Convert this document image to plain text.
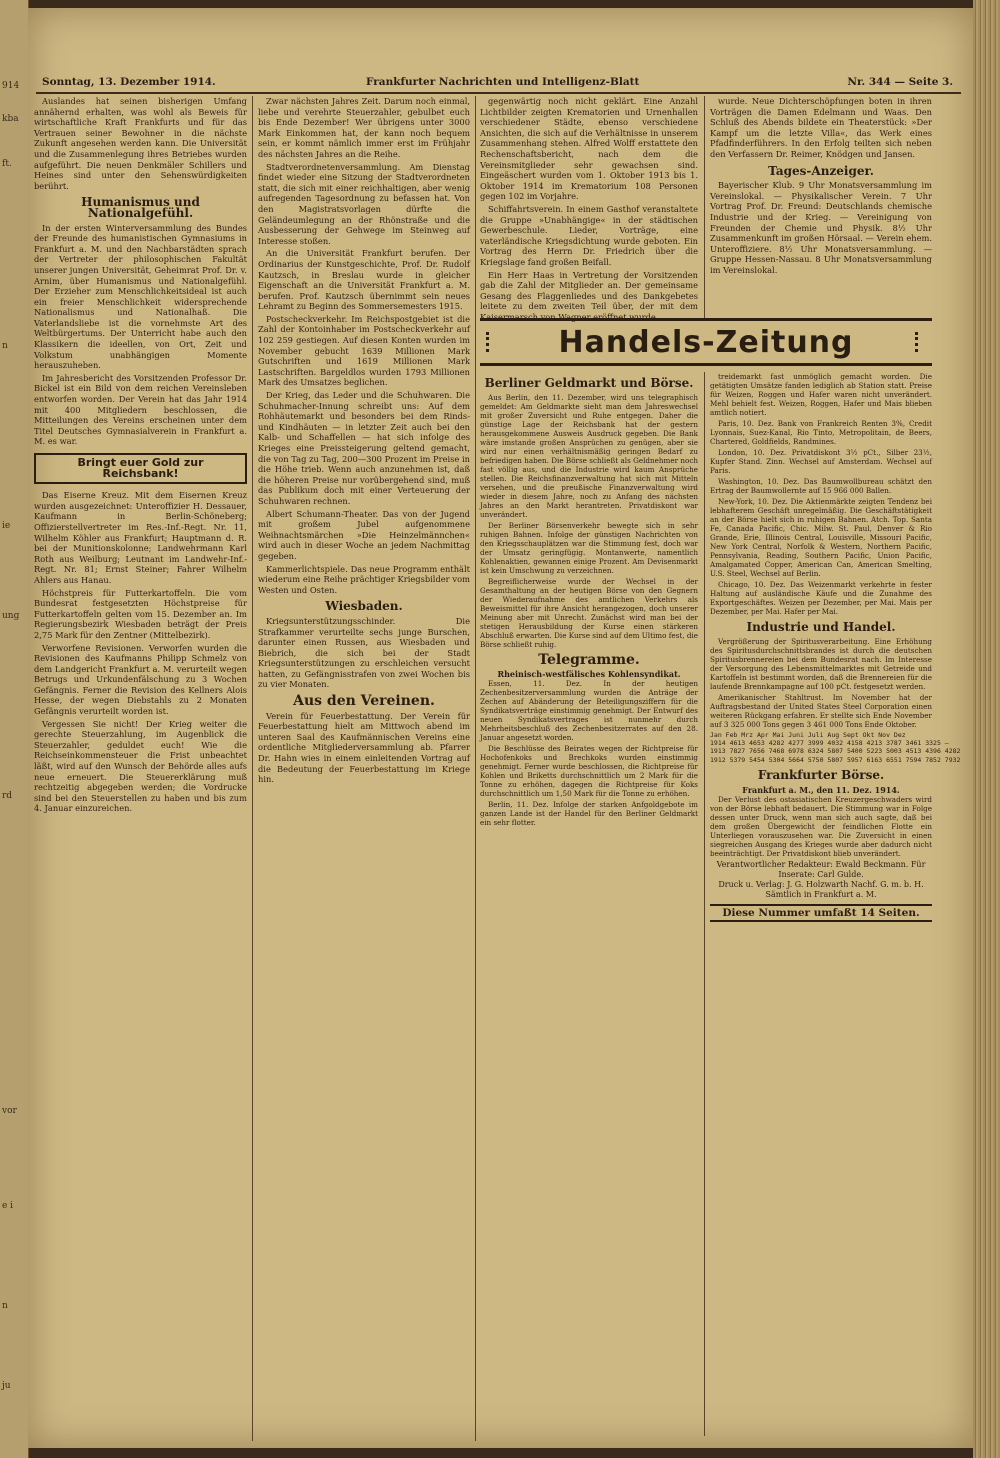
914
kba
ft.
n
ie
ung
rd
vor
e i
n
ju
Sonntag, 13. Dezember 1914.	Frankfurter Nachrichten und Intelligenz-Blatt	Nr. 344 — Seite 3.

Auslandes hat seinen bisherigen Umfang annähernd erhalten, was wohl als Beweis für wirtschaftliche Kraft Frankfurts und für das Vertrauen seiner Bewohner in die nächste Zukunft angesehen werden kann. Die Universität und die Zusammenlegung ihres Betriebes wurden aufgeführt. Die neuen Denkmäler Schillers und Heines sind unter den Sehenswürdigkeiten berührt.

Humanismus und Nationalgefühl.

In der ersten Winterversammlung des Bundes der Freunde des humanistischen Gymnasiums in Frankfurt a. M. und den Nachbarstädten sprach der Vertreter der philosophischen Fakultät unserer jungen Universität, Geheimrat Prof. Dr. v. Arnim, über Humanismus und Nationalgefühl. Der Erzieher zum Menschlichkeitsideal ist auch ein freier Menschlichkeit widersprechende Nationalismus und Nationalhaß. Die Vaterlandsliebe ist die vornehmste Art des Weltbürgertums. Der Unterricht habe auch den Klassikern die ideellen, von Ort, Zeit und Volkstum unabhängigen Momente herauszuheben.

Im Jahresbericht des Vorsitzenden Professor Dr. Bickel ist ein Bild von dem reichen Vereinsleben entworfen worden. Der Verein hat das Jahr 1914 mit 400 Mitgliedern beschlossen, die Mitteilungen des Vereins erscheinen unter dem Titel Deutsches Gymnasialverein in Frankfurt a. M. es war.

Bringt euer Gold zur Reichsbank!

Das Eiserne Kreuz. Mit dem Eisernen Kreuz wurden ausgezeichnet: Unteroffizier H. Dessauer, Kaufmann in Berlin-Schöneberg; Offizierstellvertreter im Res.-Inf.-Regt. Nr. 11, Wilhelm Köhler aus Frankfurt; Hauptmann d. R. bei der Munitionskolonne; Landwehrmann Karl Roth aus Weilburg; Leutnant im Landwehr-Inf.-Regt. Nr. 81; Ernst Steiner; Fahrer Wilhelm Ahlers aus Hanau.

Höchstpreis für Futterkartoffeln. Die vom Bundesrat festgesetzten Höchstpreise für Futterkartoffeln gelten vom 15. Dezember an. Im Regierungsbezirk Wiesbaden beträgt der Preis 2,75 Mark für den Zentner (Mittelbezirk).

Verworfene Revisionen. Verworfen wurden die Revisionen des Kaufmanns Philipp Schmelz von dem Landgericht Frankfurt a. M. verurteilt wegen Betrugs und Urkundenfälschung zu 3 Wochen Gefängnis. Ferner die Revision des Kellners Alois Hesse, der wegen Diebstahls zu 2 Monaten Gefängnis verurteilt worden ist.

Vergessen Sie nicht! Der Krieg weiter die gerechte Steuerzahlung, im Augenblick die Steuerzahler, geduldet euch! Wie die Reichseinkommensteuer die Frist unbeachtet läßt, wird auf den Wunsch der Behörde alles aufs neue erneuert. Die Steuererklärung muß rechtzeitig abgegeben werden; die Vordrucke sind bei den Steuerstellen zu haben und bis zum 4. Januar einzureichen.

Zwar nächsten Jahres Zeit. Darum noch einmal, liebe und verehrte Steuerzahler, gebulbet euch bis Ende Dezember! Wer übrigens unter 3000 Mark Einkommen hat, der kann noch bequem sein, er kommt nämlich immer erst im Frühjahr des nächsten Jahres an die Reihe.

Stadtverordnetenversammlung. Am Dienstag findet wieder eine Sitzung der Stadtverordneten statt, die sich mit einer reichhaltigen, aber wenig aufregenden Tagesordnung zu befassen hat. Von den Magistratsvorlagen dürfte die Geländeumlegung an der Rhönstraße und die Ausbesserung der Gehwege im Steinweg auf Interesse stoßen.

An die Universität Frankfurt berufen. Der Ordinarius der Kunstgeschichte, Prof. Dr. Rudolf Kautzsch, in Breslau wurde in gleicher Eigenschaft an die Universität Frankfurt a. M. berufen. Prof. Kautzsch übernimmt sein neues Lehramt zu Beginn des Sommersemesters 1915.

Postscheckverkehr. Im Reichspostgebiet ist die Zahl der Kontoinhaber im Postscheckverkehr auf 102 259 gestiegen. Auf diesen Konten wurden im November gebucht 1639 Millionen Mark Gutschriften und 1619 Millionen Mark Lastschriften. Bargeldlos wurden 1793 Millionen Mark des Umsatzes beglichen.

Der Krieg, das Leder und die Schuhwaren. Die Schuhmacher-Innung schreibt uns: Auf dem Rohhäutemarkt und besonders bei dem Rinds- und Kindhäuten — in letzter Zeit auch bei den Kalb- und Schaffellen — hat sich infolge des Krieges eine Preissteigerung geltend gemacht, die von Tag zu Tag, 200—300 Prozent im Preise in die Höhe trieb. Wenn auch anzunehmen ist, daß die höheren Preise nur vorübergehend sind, muß das Publikum doch mit einer Verteuerung der Schuhwaren rechnen.

Albert Schumann-Theater. Das von der Jugend mit großem Jubel aufgenommene Weihnachtsmärchen »Die Heinzelmännchen« wird auch in dieser Woche an jedem Nachmittag gegeben.

Kammerlichtspiele. Das neue Programm enthält wiederum eine Reihe prächtiger Kriegsbilder vom Westen und Osten.

Wiesbaden.

Kriegsunterstützungsschinder. Die Strafkammer verurteilte sechs junge Burschen, darunter einen Russen, aus Wiesbaden und Biebrich, die sich bei der Stadt Kriegsunterstützungen zu erschleichen versucht hatten, zu Gefängnisstrafen von zwei Wochen bis zu vier Monaten.

Aus den Vereinen.

Verein für Feuerbestattung. Der Verein für Feuerbestattung hielt am Mittwoch abend im unteren Saal des Kaufmännischen Vereins eine ordentliche Mitgliederversammlung ab. Pfarrer Dr. Hahn wies in einem einleitenden Vortrag auf die Bedeutung der Feuerbestattung im Kriege hin.

gegenwärtig noch nicht geklärt. Eine Anzahl Lichtbilder zeigten Krematorien und Urnenhallen verschiedener Städte, ebenso verschiedene Ansichten, die sich auf die Verhältnisse in unserem Zusammenhang stehen. Alfred Wolff erstattete den Rechenschaftsbericht, nach dem die Vereinsmitglieder sehr gewachsen sind. Eingeäschert wurden vom 1. Oktober 1913 bis 1. Oktober 1914 im Krematorium 108 Personen gegen 102 im Vorjahre.

Schiffahrtsverein. In einem Gasthof veranstaltete die Gruppe »Unabhängige« in der städtischen Gewerbeschule. Lieder, Vorträge, eine vaterländische Kriegsdichtung wurde geboten. Ein Vortrag des Herrn Dr. Friedrich über die Kriegslage fand großen Beifall.

Ein Herr Haas in Vertretung der Vorsitzenden gab die Zahl der Mitglieder an. Der gemeinsame Gesang des Flaggenliedes und des Dankgebetes leitete zu dem zweiten Teil über, der mit dem Kaisermarsch von Wagner eröffnet wurde.

wurde. Neue Dichterschöpfungen boten in ihren Vorträgen die Damen Edelmann und Waas. Den Schluß des Abends bildete ein Theaterstück: »Der Kampf um die letzte Villa«, das Werk eines Pfadfinderführers. In den Erfolg teilten sich neben den Verfassern Dr. Reimer, Knödgen und Jansen.

Tages-Anzeiger.

Bayerischer Klub. 9 Uhr Monatsversammlung im Vereinslokal. — Physikalischer Verein. 7 Uhr Vortrag Prof. Dr. Freund: Deutschlands chemische Industrie und der Krieg. — Vereinigung von Freunden der Chemie und Physik. 8½ Uhr Zusammenkunft im großen Hörsaal. — Verein ehem. Unteroffiziere. 8½ Uhr Monatsversammlung. — Gruppe Hessen-Nassau. 8 Uhr Monatsversammlung im Vereinslokal.

Handels-Zeitung
Berliner Geldmarkt und Börse.

Aus Berlin, den 11. Dezember, wird uns telegraphisch gemeldet: Am Geldmarkte sieht man dem Jahreswechsel mit großer Zuversicht und Ruhe entgegen. Daher die günstige Lage der Reichsbank hat der gestern herausgekommene Ausweis Ausdruck gegeben. Die Bank wäre imstande großen Ansprüchen zu genügen, aber sie wird nur einen verhältnismäßig geringen Bedarf zu befriedigen haben. Die Börse schließt als Geldnehmer noch fast völlig aus, und die Industrie wird kaum Ansprüche stellen. Die Reichsfinanzverwaltung hat sich mit Mitteln versehen, und die preußische Finanzverwaltung wird wieder in diesem Jahre, noch zu Anfang des nächsten Jahres an den Markt herantreten. Privatdiskont war unverändert.

Der Berliner Börsenverkehr bewegte sich in sehr ruhigen Bahnen. Infolge der günstigen Nachrichten von den Kriegsschauplätzen war die Stimmung fest, doch war der Umsatz geringfügig. Montanwerte, namentlich Kohlenaktien, gewannen einige Prozent. Am Devisenmarkt ist kein Umschwung zu verzeichnen.

Begreiflicherweise wurde der Wechsel in der Gesamthaltung an der heutigen Börse von den Gegnern der Wiederaufnahme des amtlichen Verkehrs als Beweismittel für ihre Ansicht herangezogen, doch unserer Meinung aber mit Unrecht. Zunächst wird man bei der stetigen Herausbildung der Kurse einen stärkeren Abschluß erwarten. Die Kurse sind auf dem Ultimo fest, die Börse schließt ruhig.

Telegramme.
Rheinisch-westfälisches Kohlensyndikat.

Essen, 11. Dez. In der heutigen Zechenbesitzerversammlung wurden die Anträge der Zechen auf Abänderung der Beteiligungsziffern für die Syndikatsverträge einstimmig genehmigt. Der Entwurf des neuen Syndikatsvertrages ist nunmehr durch Mehrheitsbeschluß des Zechenbesitzerrates auf den 28. Januar angesetzt worden.

Die Beschlüsse des Beirates wegen der Richtpreise für Hochofenkoks und Brechkoks wurden einstimmig genehmigt. Ferner wurde beschlossen, die Richtpreise für Kohlen und Briketts durchschnittlich um 2 Mark für die Tonne zu erhöhen, dagegen die Richtpreise für Koks durchschnittlich um 1,50 Mark für die Tonne zu erhöhen.

Berlin, 11. Dez. Infolge der starken Anfgoldgebote im ganzen Lande ist der Handel für den Berliner Geldmarkt ein sehr flotter.

treidemarkt fast unmöglich gemacht worden. Die getätigten Umsätze fanden lediglich ab Station statt. Preise für Weizen, Roggen und Hafer waren nicht unverändert. Mehl behielt fest. Weizen, Roggen, Hafer und Mais blieben amtlich notiert.

Paris, 10. Dez. Bank von Frankreich Renten 3%, Credit Lyonnais, Suez-Kanal, Rio Tinto, Metropolitain, de Beers, Chartered, Goldfields, Randmines.

London, 10. Dez. Privatdiskont 3½ pCt., Silber 23½, Kupfer Stand. Zinn. Wechsel auf Amsterdam. Wechsel auf Paris.

Washington, 10. Dez. Das Baumwollbureau schätzt den Ertrag der Baumwollernte auf 15 966 000 Ballen.

New-York, 10. Dez. Die Aktienmärkte zeigten Tendenz bei lebhafterem Geschäft unregelmäßig. Die Geschäftstätigkeit an der Börse hielt sich in ruhigen Bahnen. Atch. Top. Santa Fe, Canada Pacific, Chic. Milw. St. Paul, Denver & Rio Grande, Erie, Illinois Central, Louisville, Missouri Pacific, New York Central, Norfolk & Western, Northern Pacific, Pennsylvania, Reading, Southern Pacific, Union Pacific, Amalgamated Copper, American Can, American Smelting, U.S. Steel, Wechsel auf Berlin.

Chicago, 10. Dez. Das Weizenmarkt verkehrte in fester Haltung auf ausländische Käufe und die Zunahme des Exportgeschäftes. Weizen per Dezember, per Mai. Mais per Dezember, per Mai. Hafer per Mai.

Industrie und Handel.

Vergrößerung der Spiritusverarbeitung. Eine Erhöhung des Spiritusdurchschnittsbrandes ist durch die deutschen Spiritusbrennereien bei dem Bundesrat nach. Im Interesse der Versorgung des Lebensmittelmarktes mit Getreide und Kartoffeln ist bestimmt worden, daß die Brennereien für die laufende Brennkampagne auf 100 pCt. festgesetzt werden.

Amerikanischer Stahltrust. Im November hat der Auftragsbestand der United States Steel Corporation einen weiteren Rückgang erfahren. Er stellte sich Ende November auf 3 325 000 Tons gegen 3 461 000 Tons Ende Oktober.

Jan Feb Mrz Apr Mai Juni Juli Aug Sept Okt Nov Dez
1914 4613 4653 4282 4277 3999 4032 4158 4213 3787 3461 3325 —
1913 7827 7656 7468 6978 6324 5807 5400 5223 5003 4513 4396 4282
1912 5379 5454 5304 5664 5750 5807 5957 6163 6551 7594 7852 7932
Frankfurter Börse.
Frankfurt a. M., den 11. Dez. 1914.

Der Verlust des ostasiatischen Kreuzergeschwaders wird von der Börse lebhaft bedauert. Die Stimmung war in Folge dessen unter Druck, wenn man sich auch sagte, daß bei dem großen Übergewicht der feindlichen Flotte ein Unterliegen vorauszusehen war. Die Zuversicht in einen siegreichen Ausgang des Krieges wurde aber dadurch nicht beeinträchtigt. Der Privatdiskont blieb unverändert.

Verantwortlicher Redakteur: Ewald Beckmann. Für Inserate: Carl Gulde.
Druck u. Verlag: J. G. Holzwarth Nachf. G. m. b. H. Sämtlich in Frankfurt a. M.
Diese Nummer umfaßt 14 Seiten.
